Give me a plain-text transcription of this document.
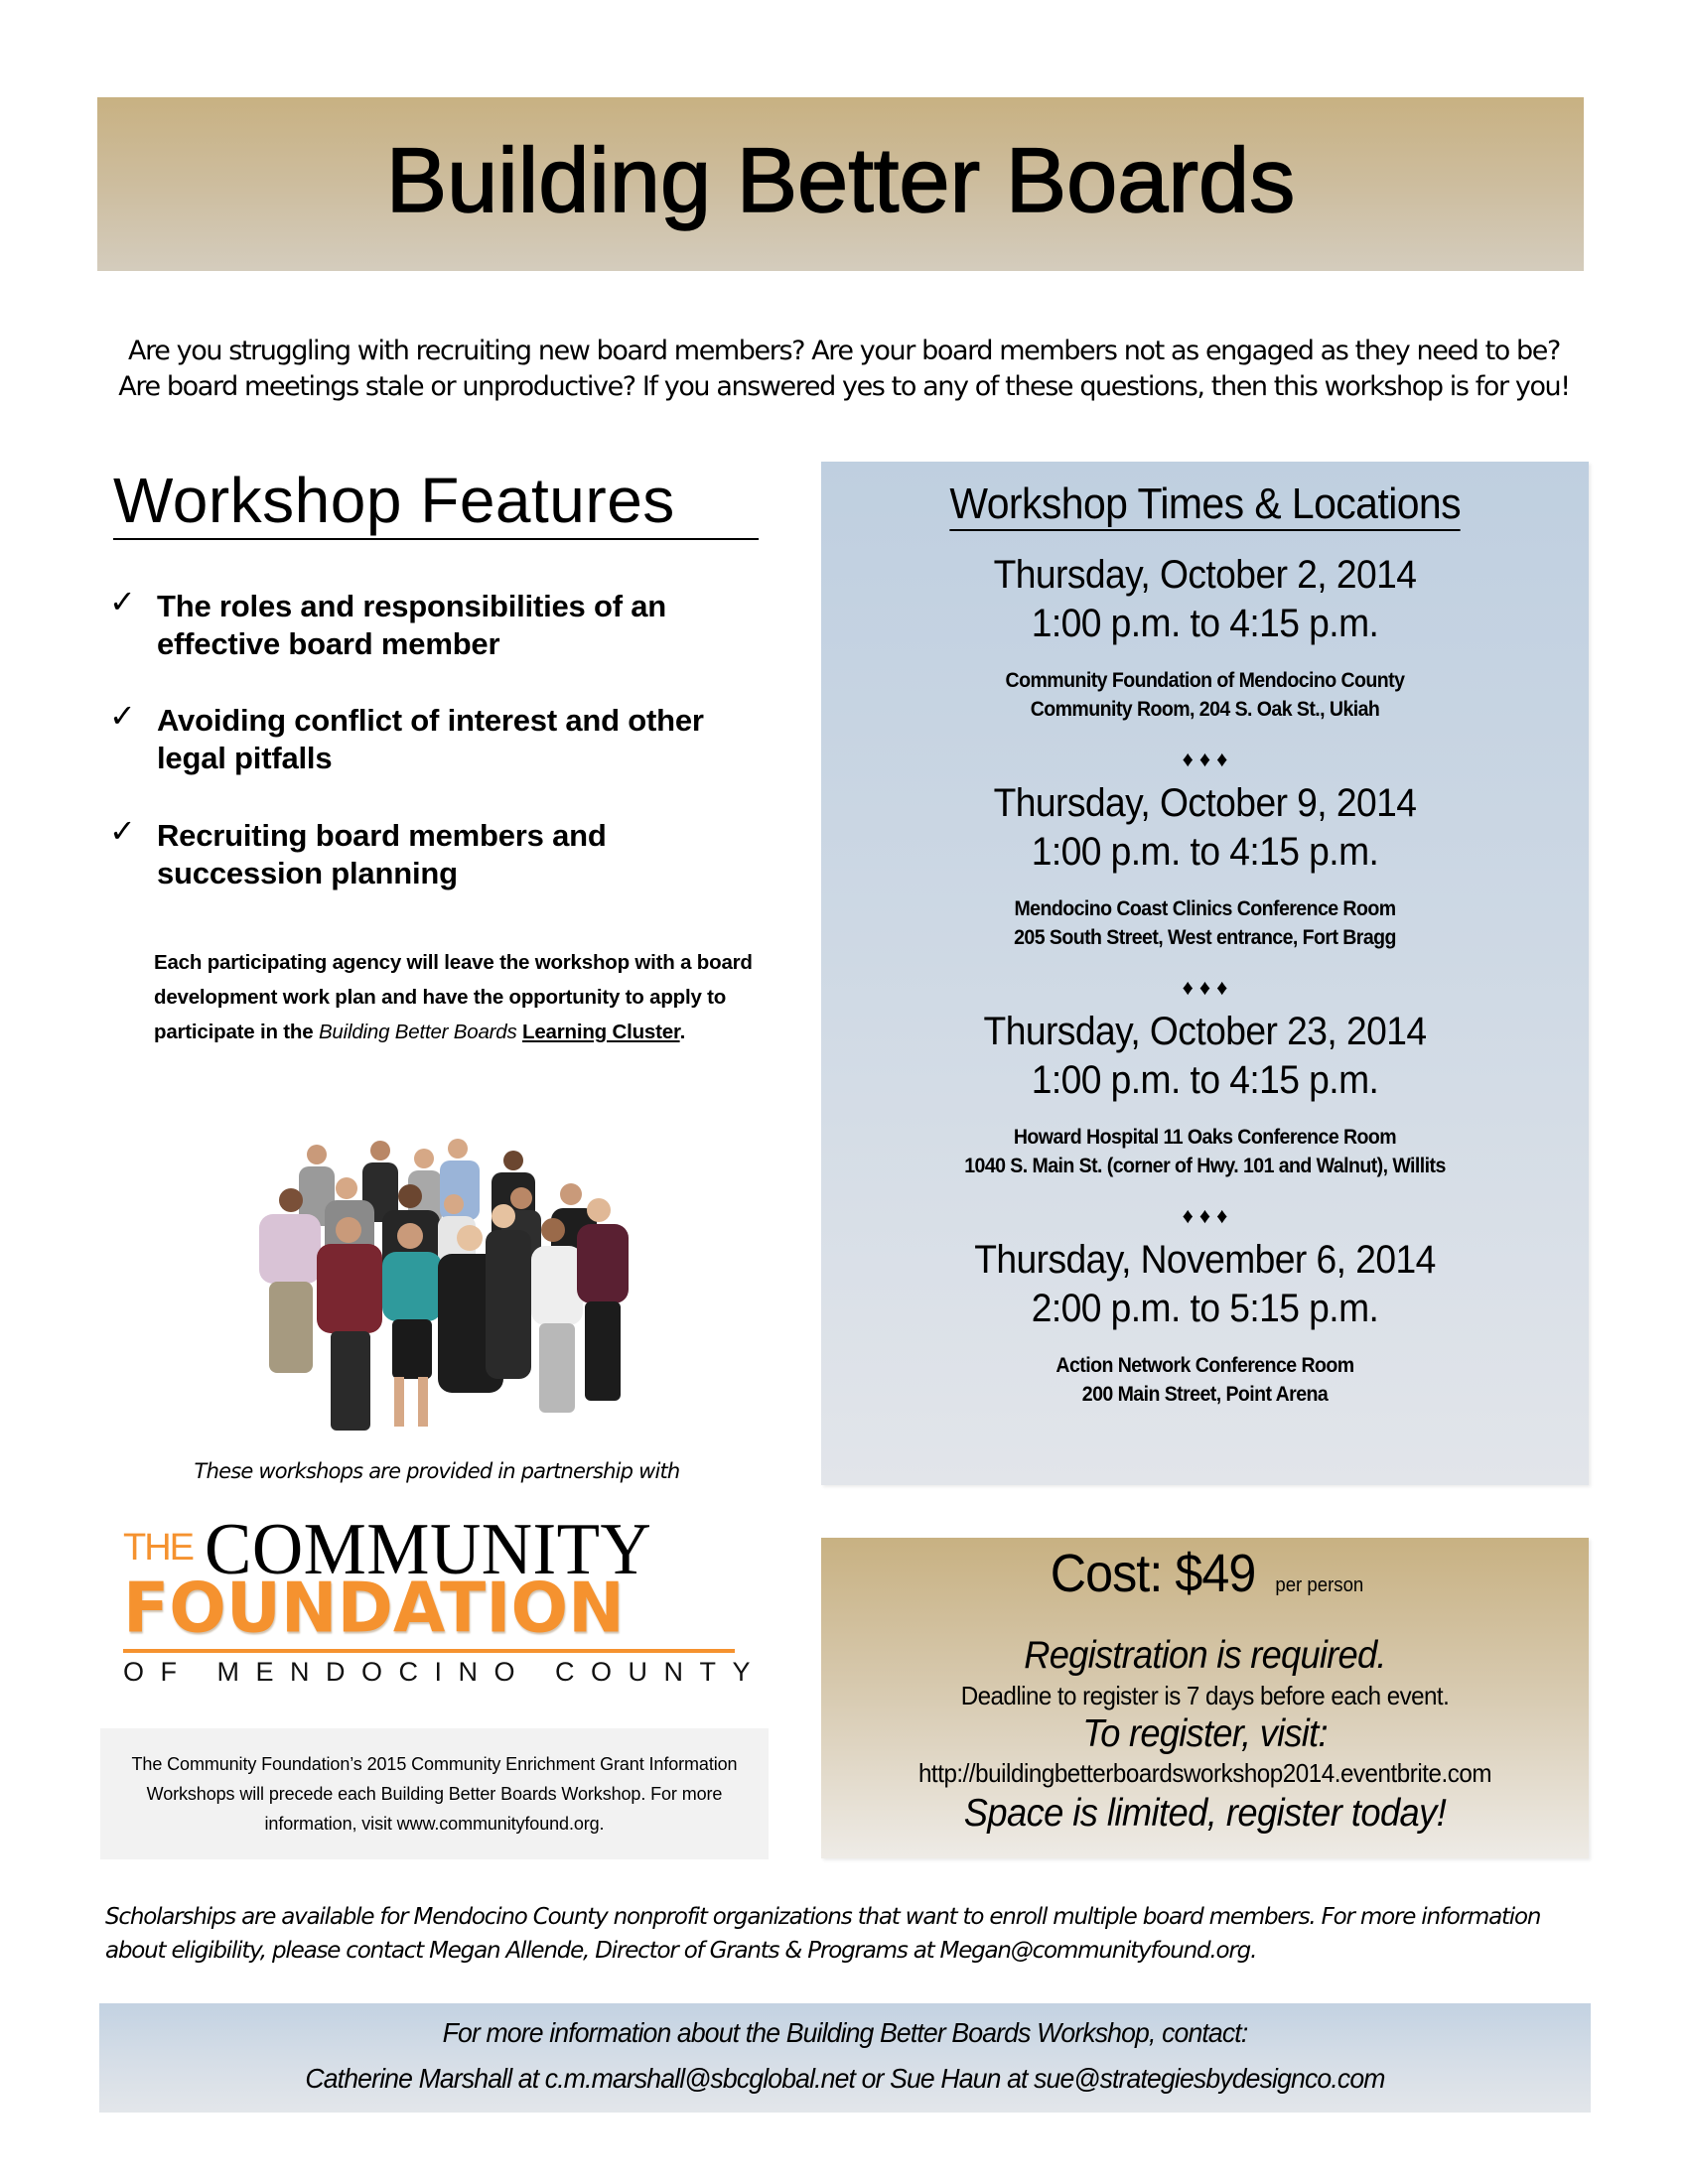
Building Better Boards
Are you struggling with recruiting new board members? Are your board members not as engaged as they need to be?
Are board meetings stale or unproductive? If you answered yes to any of these questions, then this workshop is for you!
Workshop Features
✓ The roles and responsibilities of an effective board member
✓ Avoiding conflict of interest and other legal pitfalls
✓ Recruiting board members and succession planning
Each participating agency will leave the workshop with a board development work plan and have the opportunity to apply to participate in the Building Better Boards Learning Cluster.
These workshops are provided in partnership with
THE COMMUNITY
FOUNDATION
OF MENDOCINO COUNTY
The Community Foundation’s 2015 Community Enrichment Grant Information Workshops will precede each Building Better Boards Workshop. For more information, visit www.communityfound.org.
Workshop Times & Locations
Thursday, October 2, 2014
1:00 p.m. to 4:15 p.m.
Community Foundation of Mendocino County
Community Room, 204 S. Oak St., Ukiah
♦♦♦
Thursday, October 9, 2014
1:00 p.m. to 4:15 p.m.
Mendocino Coast Clinics Conference Room
205 South Street, West entrance, Fort Bragg
♦♦♦
Thursday, October 23, 2014
1:00 p.m. to 4:15 p.m.
Howard Hospital 11 Oaks Conference Room
1040 S. Main St. (corner of Hwy. 101 and Walnut), Willits
♦♦♦
Thursday, November 6, 2014
2:00 p.m. to 5:15 p.m.
Action Network Conference Room
200 Main Street, Point Arena
Cost: $49 per person
Registration is required.
Deadline to register is 7 days before each event.
To register, visit:
http://buildingbetterboardsworkshop2014.eventbrite.com
Space is limited, register today!
Scholarships are available for Mendocino County nonprofit organizations that want to enroll multiple board members. For more information about eligibility, please contact Megan Allende, Director of Grants & Programs at Megan@communityfound.org.
For more information about the Building Better Boards Workshop, contact:
Catherine Marshall at c.m.marshall@sbcglobal.net or Sue Haun at sue@strategiesbydesignco.com
